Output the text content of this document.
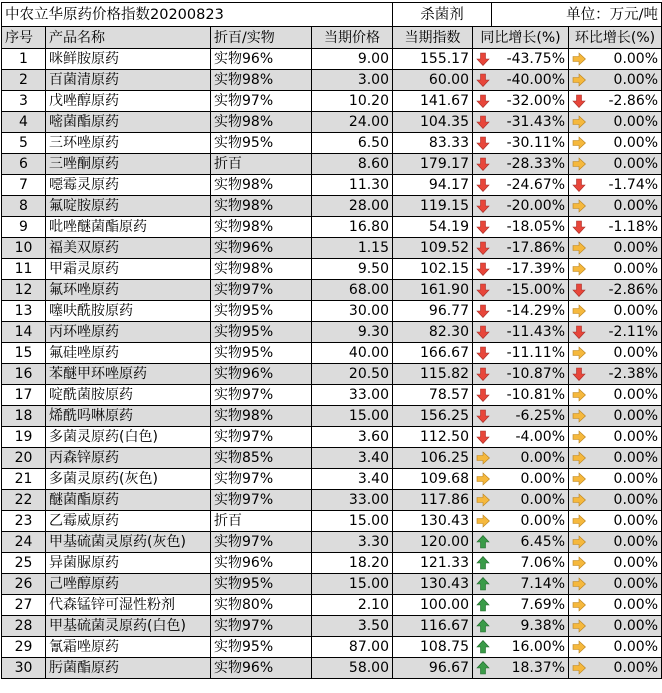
中农立华原药价格指数20200823				杀菌剂		单位：万元/吨		
序号	产品名称	折百/实物	当期价格	当期指数	同比增长(%)		环比增长(%)	
1	咪鲜胺原药	实物96%	9.00	155.17		-43.75%		0.00%
2	百菌清原药	实物98%	3.00	60.00		-40.00%		0.00%
3	戊唑醇原药	实物97%	10.20	141.67		-32.00%		-2.86%
4	嘧菌酯原药	实物98%	24.00	104.35		-31.43%		0.00%
5	三环唑原药	实物95%	6.50	83.33		-30.11%		0.00%
6	三唑酮原药	折百	8.60	179.17		-28.33%		0.00%
7	噁霉灵原药	实物98%	11.30	94.17		-24.67%		-1.74%
8	氟啶胺原药	实物98%	28.00	119.15		-20.00%		0.00%
9	吡唑醚菌酯原药	实物98%	16.80	54.19		-18.05%		-1.18%
10	福美双原药	实物96%	1.15	109.52		-17.86%		0.00%
11	甲霜灵原药	实物98%	9.50	102.15		-17.39%		0.00%
12	氟环唑原药	实物97%	68.00	161.90		-15.00%		-2.86%
13	噻呋酰胺原药	实物95%	30.00	96.77		-14.29%		0.00%
14	丙环唑原药	实物95%	9.30	82.30		-11.43%		-2.11%
15	氟硅唑原药	实物95%	40.00	166.67		-11.11%		0.00%
16	苯醚甲环唑原药	实物96%	20.50	115.82		-10.87%		-2.38%
17	啶酰菌胺原药	实物97%	33.00	78.57		-10.81%		0.00%
18	烯酰吗啉原药	实物98%	15.00	156.25		-6.25%		0.00%
19	多菌灵原药(白色)	实物97%	3.60	112.50		-4.00%		0.00%
20	丙森锌原药	实物85%	3.40	106.25		0.00%		0.00%
21	多菌灵原药(灰色)	实物97%	3.40	109.68		0.00%		0.00%
22	醚菌酯原药	实物97%	33.00	117.86		0.00%		0.00%
23	乙霉威原药	折百	15.00	130.43		0.00%		0.00%
24	甲基硫菌灵原药(灰色)	实物97%	3.30	120.00		6.45%		0.00%
25	异菌脲原药	实物96%	18.20	121.33		7.06%		0.00%
26	己唑醇原药	实物95%	15.00	130.43		7.14%		0.00%
27	代森锰锌可湿性粉剂	实物80%	2.10	100.00		7.69%		0.00%
28	甲基硫菌灵原药(白色)	实物97%	3.50	116.67		9.38%		0.00%
29	氰霜唑原药	实物95%	87.00	108.75		16.00%		0.00%
30	肟菌酯原药	实物96%	58.00	96.67		18.37%		0.00%
